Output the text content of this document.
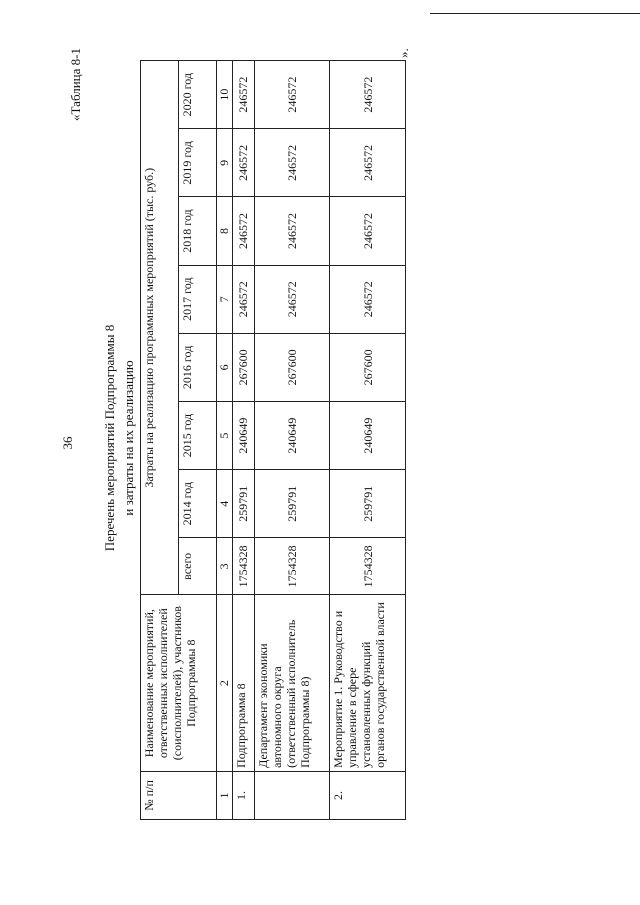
36
«Таблица 8-1
Перечень мероприятий Подпрограммы 8 и затраты на их реализацию
№ п/п	Наименование мероприятий, ответственных исполнителей (соисполнителей), участников Подпрограммы 8	Затраты на реализацию программных мероприятий (тыс. руб.)							
		всего	2014 год	2015 год	2016 год	2017 год	2018 год	2019 год	2020 год
1	2	3	4	5	6	7	8	9	10
1.	Подпрограмма 8	1754328	259791	240649	267600	246572	246572	246572	246572
	Департамент экономики автономного округа (ответственный исполнитель Подпрограммы 8)	1754328	259791	240649	267600	246572	246572	246572	246572
2.	Мероприятие 1. Руководство и управление в сфере установленных функций органов государственной власти	1754328	259791	240649	267600	246572	246572	246572	246572
».
